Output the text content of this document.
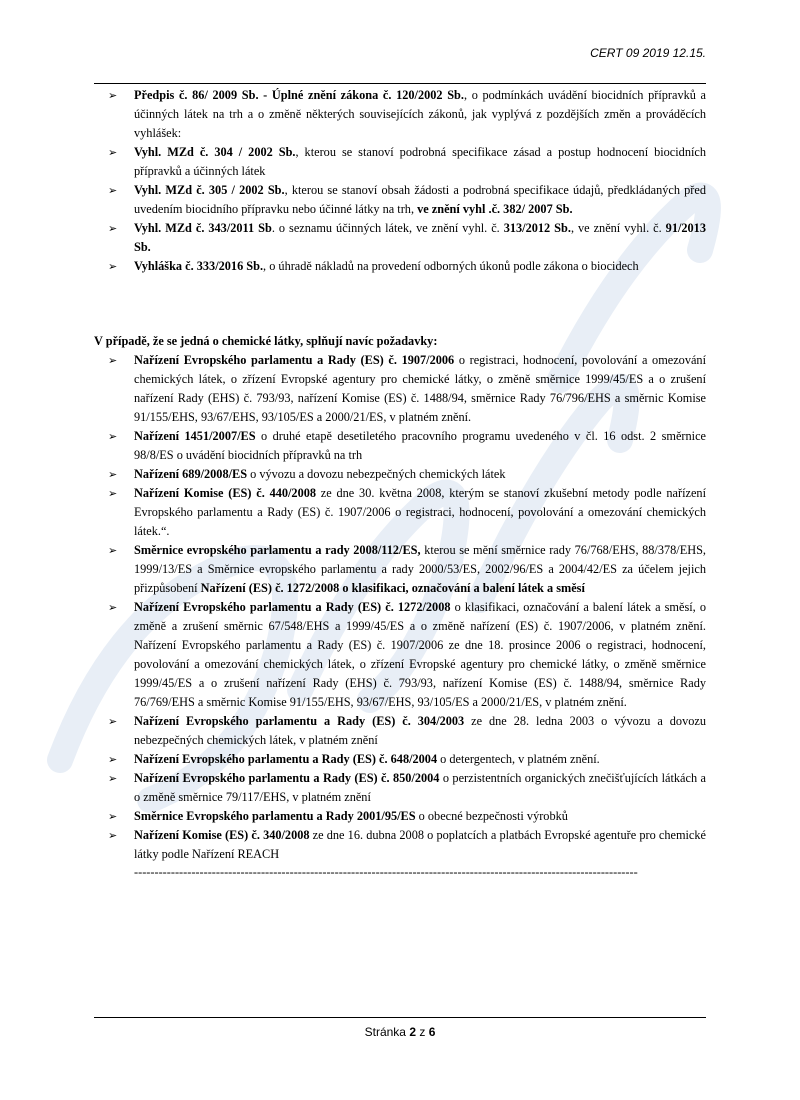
CERT 09 2019 12.15.
➢ Předpis č. 86/ 2009 Sb. - Úplné znění zákona č. 120/2002 Sb., o podmínkách uvádění biocidních přípravků a účinných látek na trh a o změně některých souvisejících zákonů, jak vyplývá z pozdějších změn a prováděcích vyhlášek:
➢ Vyhl. MZd č. 304 / 2002 Sb., kterou se stanoví podrobná specifikace zásad a postup hodnocení biocidních přípravků a účinných látek
➢ Vyhl. MZd č. 305 / 2002 Sb., kterou se stanoví obsah žádosti a podrobná specifikace údajů, předkládaných před uvedením biocidního přípravku nebo účinné látky na trh, ve znění vyhl .č. 382/ 2007 Sb.
➢ Vyhl. MZd č. 343/2011 Sb. o seznamu účinných látek, ve znění vyhl. č. 313/2012 Sb., ve znění vyhl. č. 91/2013 Sb.
➢ Vyhláška č. 333/2016 Sb., o úhradě nákladů na provedení odborných úkonů podle zákona o biocidech
V případě, že se jedná o chemické látky, splňují navíc požadavky:
➢ Nařízení Evropského parlamentu a Rady (ES) č. 1907/2006 o registraci, hodnocení, povolování a omezování chemických látek, o zřízení Evropské agentury pro chemické látky, o změně směrnice 1999/45/ES a o zrušení nařízení Rady (EHS) č. 793/93, nařízení Komise (ES) č. 1488/94, směrnice Rady 76/796/EHS a směrnic Komise 91/155/EHS, 93/67/EHS, 93/105/ES a 2000/21/ES, v platném znění.
➢ Nařízení 1451/2007/ES o druhé etapě desetiletého pracovního programu uvedeného v čl. 16 odst. 2 směrnice 98/8/ES o uvádění biocidních přípravků na trh
➢ Nařízení 689/2008/ES o vývozu a dovozu nebezpečných chemických látek
➢ Nařízení Komise (ES) č. 440/2008 ze dne 30. května 2008, kterým se stanoví zkušební metody podle nařízení Evropského parlamentu a Rady (ES) č. 1907/2006 o registraci, hodnocení, povolování a omezování chemických látek.“.
➢ Směrnice evropského parlamentu a rady 2008/112/ES, kterou se mění směrnice rady 76/768/EHS, 88/378/EHS, 1999/13/ES a Směrnice evropského parlamentu a rady 2000/53/ES, 2002/96/ES a 2004/42/ES za účelem jejich přizpůsobení Nařízení (ES) č. 1272/2008 o klasifikaci, označování a balení látek a směsí
➢ Nařízení Evropského parlamentu a Rady (ES) č. 1272/2008 o klasifikaci, označování a balení látek a směsí, o změně a zrušení směrnic 67/548/EHS a 1999/45/ES a o změně nařízení (ES) č. 1907/2006, v platném znění. Nařízení Evropského parlamentu a Rady (ES) č. 1907/2006 ze dne 18. prosince 2006 o registraci, hodnocení, povolování a omezování chemických látek, o zřízení Evropské agentury pro chemické látky, o změně směrnice 1999/45/ES a o zrušení nařízení Rady (EHS) č. 793/93, nařízení Komise (ES) č. 1488/94, směrnice Rady 76/769/EHS a směrnic Komise 91/155/EHS, 93/67/EHS, 93/105/ES a 2000/21/ES, v platném znění.
➢ Nařízení Evropského parlamentu a Rady (ES) č. 304/2003 ze dne 28. ledna 2003 o vývozu a dovozu nebezpečných chemických látek, v platném znění
➢ Nařízení Evropského parlamentu a Rady (ES) č. 648/2004 o detergentech, v platném znění.
➢ Nařízení Evropského parlamentu a Rady (ES) č. 850/2004 o perzistentních organických znečišťujících látkách a o změně směrnice 79/117/EHS, v platném znění
➢ Směrnice Evropského parlamentu a Rady 2001/95/ES o obecné bezpečnosti výrobků
➢ Nařízení Komise (ES) č. 340/2008 ze dne 16. dubna 2008 o poplatcích a platbách Evropské agentuře pro chemické látky podle Nařízení REACH
---------------------------------------------------------------------------------------------------------------------------
Stránka 2 z 6
